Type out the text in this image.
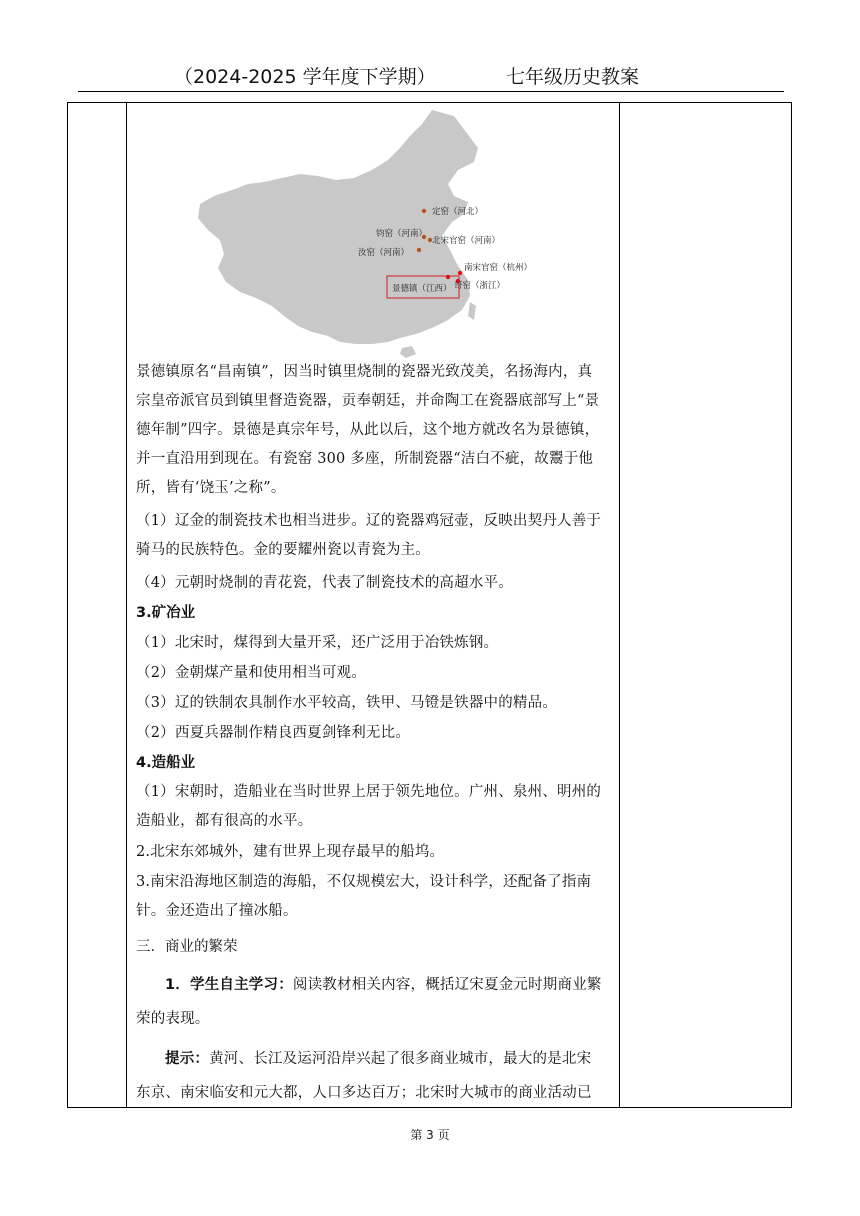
（2024-2025 学年度下学期）	七年级历史教案
定窑（河北）
钧窑（河南）
北宋官窑（河南）
汝窑（河南）
南宋官窑（杭州）
哥窑（浙江）
景德镇（江西）

景德镇原名“昌南镇”，因当时镇里烧制的瓷器光致茂美，名扬海内，真

宗皇帝派官员到镇里督造瓷器，贡奉朝廷，并命陶工在瓷器底部写上“景

德年制”四字。景德是真宗年号，从此以后，这个地方就改名为景德镇，

并一直沿用到现在。有瓷窑 300 多座，所制瓷器“洁白不疵，故鬻于他

所，皆有‘饶玉’之称”。

（1）辽金的制瓷技术也相当进步。辽的瓷器鸡冠壶，反映出契丹人善于

骑马的民族特色。金的要耀州瓷以青瓷为主。

（4）元朝时烧制的青花瓷，代表了制瓷技术的高超水平。

3.矿冶业

（1）北宋时，煤得到大量开采，还广泛用于冶铁炼钢。

（2）金朝煤产量和使用相当可观。

（3）辽的铁制农具制作水平较高，铁甲、马镫是铁器中的精品。

（2）西夏兵器制作精良西夏剑锋利无比。

4.造船业

（1）宋朝时，造船业在当时世界上居于领先地位。广州、泉州、明州的

造船业，都有很高的水平。

2.北宋东郊城外，建有世界上现存最早的船坞。

3.南宋沿海地区制造的海船，不仅规模宏大，设计科学，还配备了指南

针。金还造出了撞冰船。

三．商业的繁荣

1．学生自主学习：阅读教材相关内容，概括辽宋夏金元时期商业繁

荣的表现。

提示：黄河、长江及运河沿岸兴起了很多商业城市，最大的是北宋

东京、南宋临安和元大都，人口多达百万；北宋时大城市的商业活动已

第 3 页
